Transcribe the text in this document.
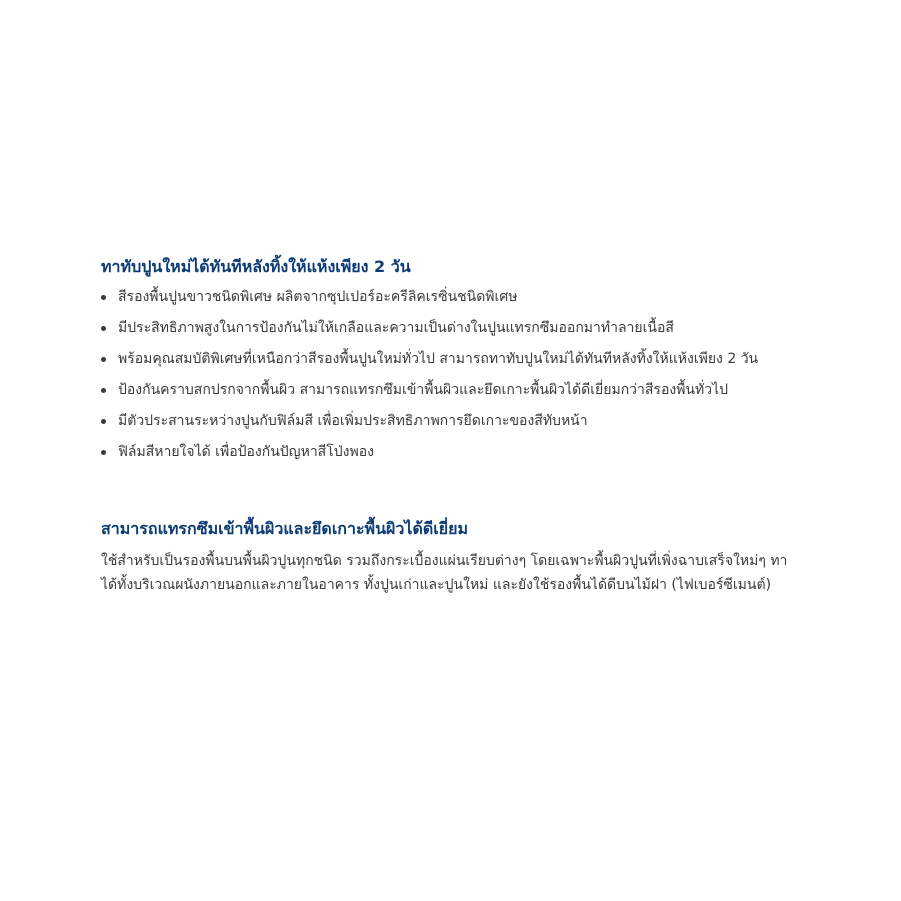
ทาทับปูนใหม่ได้ทันทีหลังทิ้งให้แห้งเพียง 2 วัน
สีรองพื้นปูนขาวชนิดพิเศษ ผลิตจากซุปเปอร์อะครีลิคเรซิ่นชนิดพิเศษ
มีประสิทธิภาพสูงในการป้องกันไม่ให้เกลือและความเป็นด่างในปูนแทรกซึมออกมาทำลายเนื้อสี
พร้อมคุณสมบัติพิเศษที่เหนือกว่าสีรองพื้นปูนใหม่ทั่วไป สามารถทาทับปูนใหม่ได้ทันทีหลังทิ้งให้แห้งเพียง 2 วัน
ป้องกันคราบสกปรกจากพื้นผิว สามารถแทรกซึมเข้าพื้นผิวและยึดเกาะพื้นผิวได้ดีเยี่ยมกว่าสีรองพื้นทั่วไป
มีตัวประสานระหว่างปูนกับฟิล์มสี เพื่อเพิ่มประสิทธิภาพการยึดเกาะของสีทับหน้า
ฟิล์มสีหายใจได้ เพื่อป้องกันปัญหาสีโป่งพอง
สามารถแทรกซึมเข้าพื้นผิวและยึดเกาะพื้นผิวได้ดีเยี่ยม

ใช้สำหรับเป็นรองพื้นบนพื้นผิวปูนทุกชนิด รวมถึงกระเบื้องแผ่นเรียบต่างๆ โดยเฉพาะพื้นผิวปูนที่เพิ่งฉาบเสร็จใหม่ๆ ทาได้ทั้งบริเวณผนังภายนอกและภายในอาคาร ทั้งปูนเก่าและปูนใหม่ และยังใช้รองพื้นได้ดีบนไม้ฝา (ไฟเบอร์ซีเมนต์)
